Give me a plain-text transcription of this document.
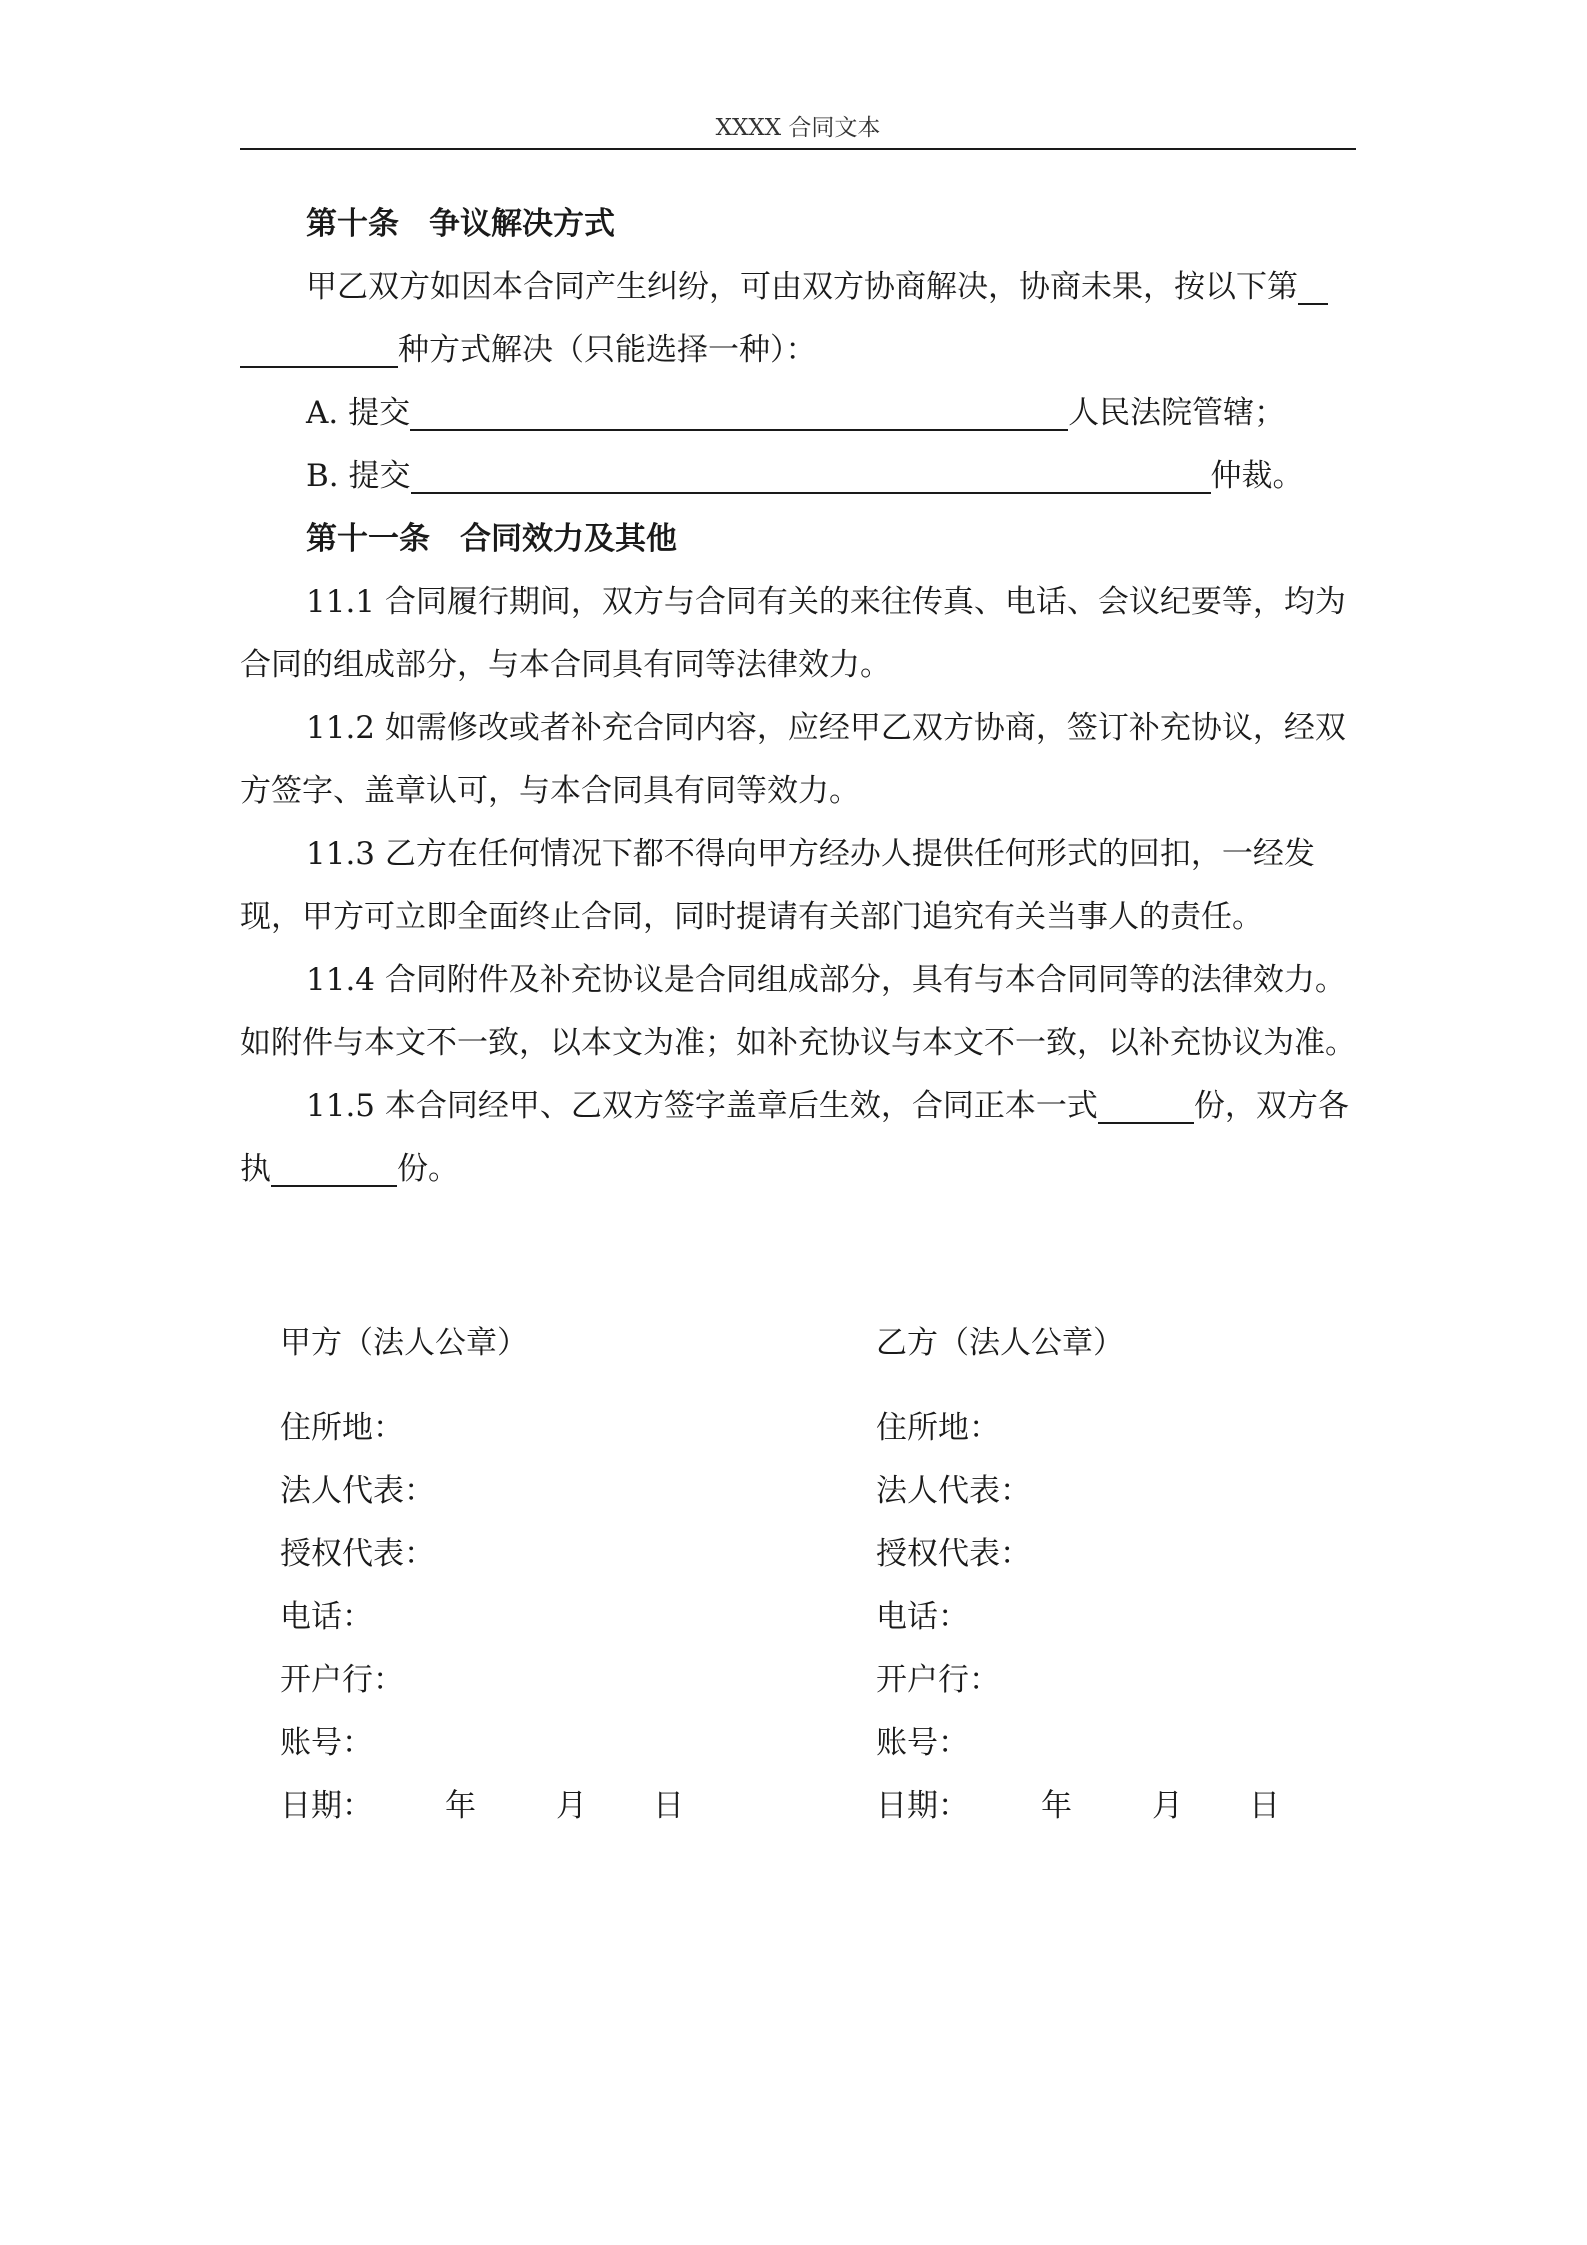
XXXX 合同文本

第十条 争议解决方式

甲乙双方如因本合同产生纠纷，可由双方协商解决，协商未果，按以下第
种方式解决（只能选择一种）：

A. 提交	人民法院管辖；

B. 提交	仲裁。

第十一条 合同效力及其他

11.1 合同履行期间，双方与合同有关的来往传真、电话、会议纪要等，均为合同的组成部分，与本合同具有同等法律效力。

11.2 如需修改或者补充合同内容，应经甲乙双方协商，签订补充协议，经双方签字、盖章认可，与本合同具有同等效力。

11.3 乙方在任何情况下都不得向甲方经办人提供任何形式的回扣，一经发现，甲方可立即全面终止合同，同时提请有关部门追究有关当事人的责任。

11.4 合同附件及补充协议是合同组成部分，具有与本合同同等的法律效力。如附件与本文不一致，以本文为准；如补充协议与本文不一致，以补充协议为准。

11.5 本合同经甲、乙双方签字盖章后生效，合同正本一式	份，双方各执	份。

甲方（法人公章）

住所地：

法人代表：

授权代表：

电话：

开户行：

账号：

日期： 年	月 日

乙方（法人公章）

住所地：

法人代表：

授权代表：

电话：

开户行：

账号：

日期： 年	月 日
